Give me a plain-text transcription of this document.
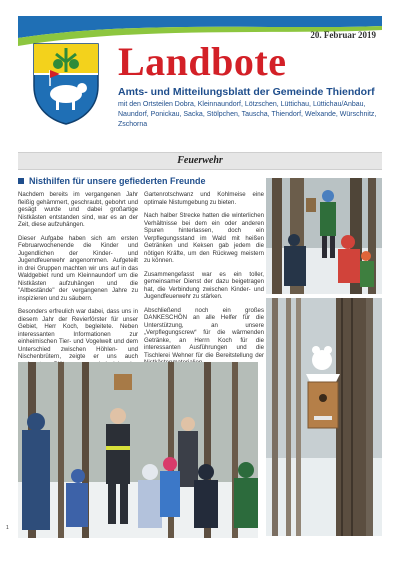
20. Februar 2019
Landbote
Amts- und Mitteilungsblatt der Gemeinde Thiendorf
mit den Ortsteilen Dobra, Kleinnaundorf, Lötzschen, Lüttichau, Lüttichau/Anbau, Naundorf, Ponickau, Sacka, Stölpchen, Tauscha, Thiendorf, Welxande, Würschnitz, Zschorna
Feuerwehr
Nisthilfen für unsere gefiederten Freunde

Nachdem bereits im vergangenen Jahr fleißig gehämmert, geschraubt, gebohrt und gesägt wurde und dabei großartige Nistkästen entstanden sind, war es an der Zeit, diese aufzuhängen.

Dieser Aufgabe haben sich am ersten Februarwochenende die Kinder und Jugendlichen der Kinder- und Jugendfeuerwehr angenommen. Aufgeteilt in drei Gruppen machten wir uns auf in das Waldgebiet rund um Kleinnaundorf um die Nistkästen aufzuhängen und die "Altbestände" der vergangenen Jahre zu inspizieren und zu säubern.

Besonders erfreulich war dabei, dass uns in diesem Jahr der Revierförster für unser Gebiet, Herr Koch, begleitete. Neben interessanten Informationen zur einheimischen Tier- und Vogelwelt und dem Unterschied zwischen Höhlen- und Nischenbrütern, zeigte er uns auch

Gartenrotschwanz und Kohlmeise eine optimale Nistumgebung zu bieten.

Nach halber Strecke hatten die winterlichen Verhältnisse bei dem ein oder anderen Spuren hinterlassen, doch ein Verpflegungsstand im Wald mit heißen Getränken und Keksen gab jedem die nötigen Kräfte, um den Rückweg meistern zu können.

Zusammengefasst war es ein toller, gemeinsamer Dienst der dazu beigetragen hat, die Verbindung zwischen Kinder- und Jugendfeuerwehr zu stärken.

Abschließend noch ein großes DANKESCHÖN an alle Helfer für die Unterstützung, an unsere „Verpflegungscrew“ für die wärmenden Getränke, an Herrn Koch für die interessanten Ausführungen und die Tischlerei Wehner für die Bereitstellung der

1
